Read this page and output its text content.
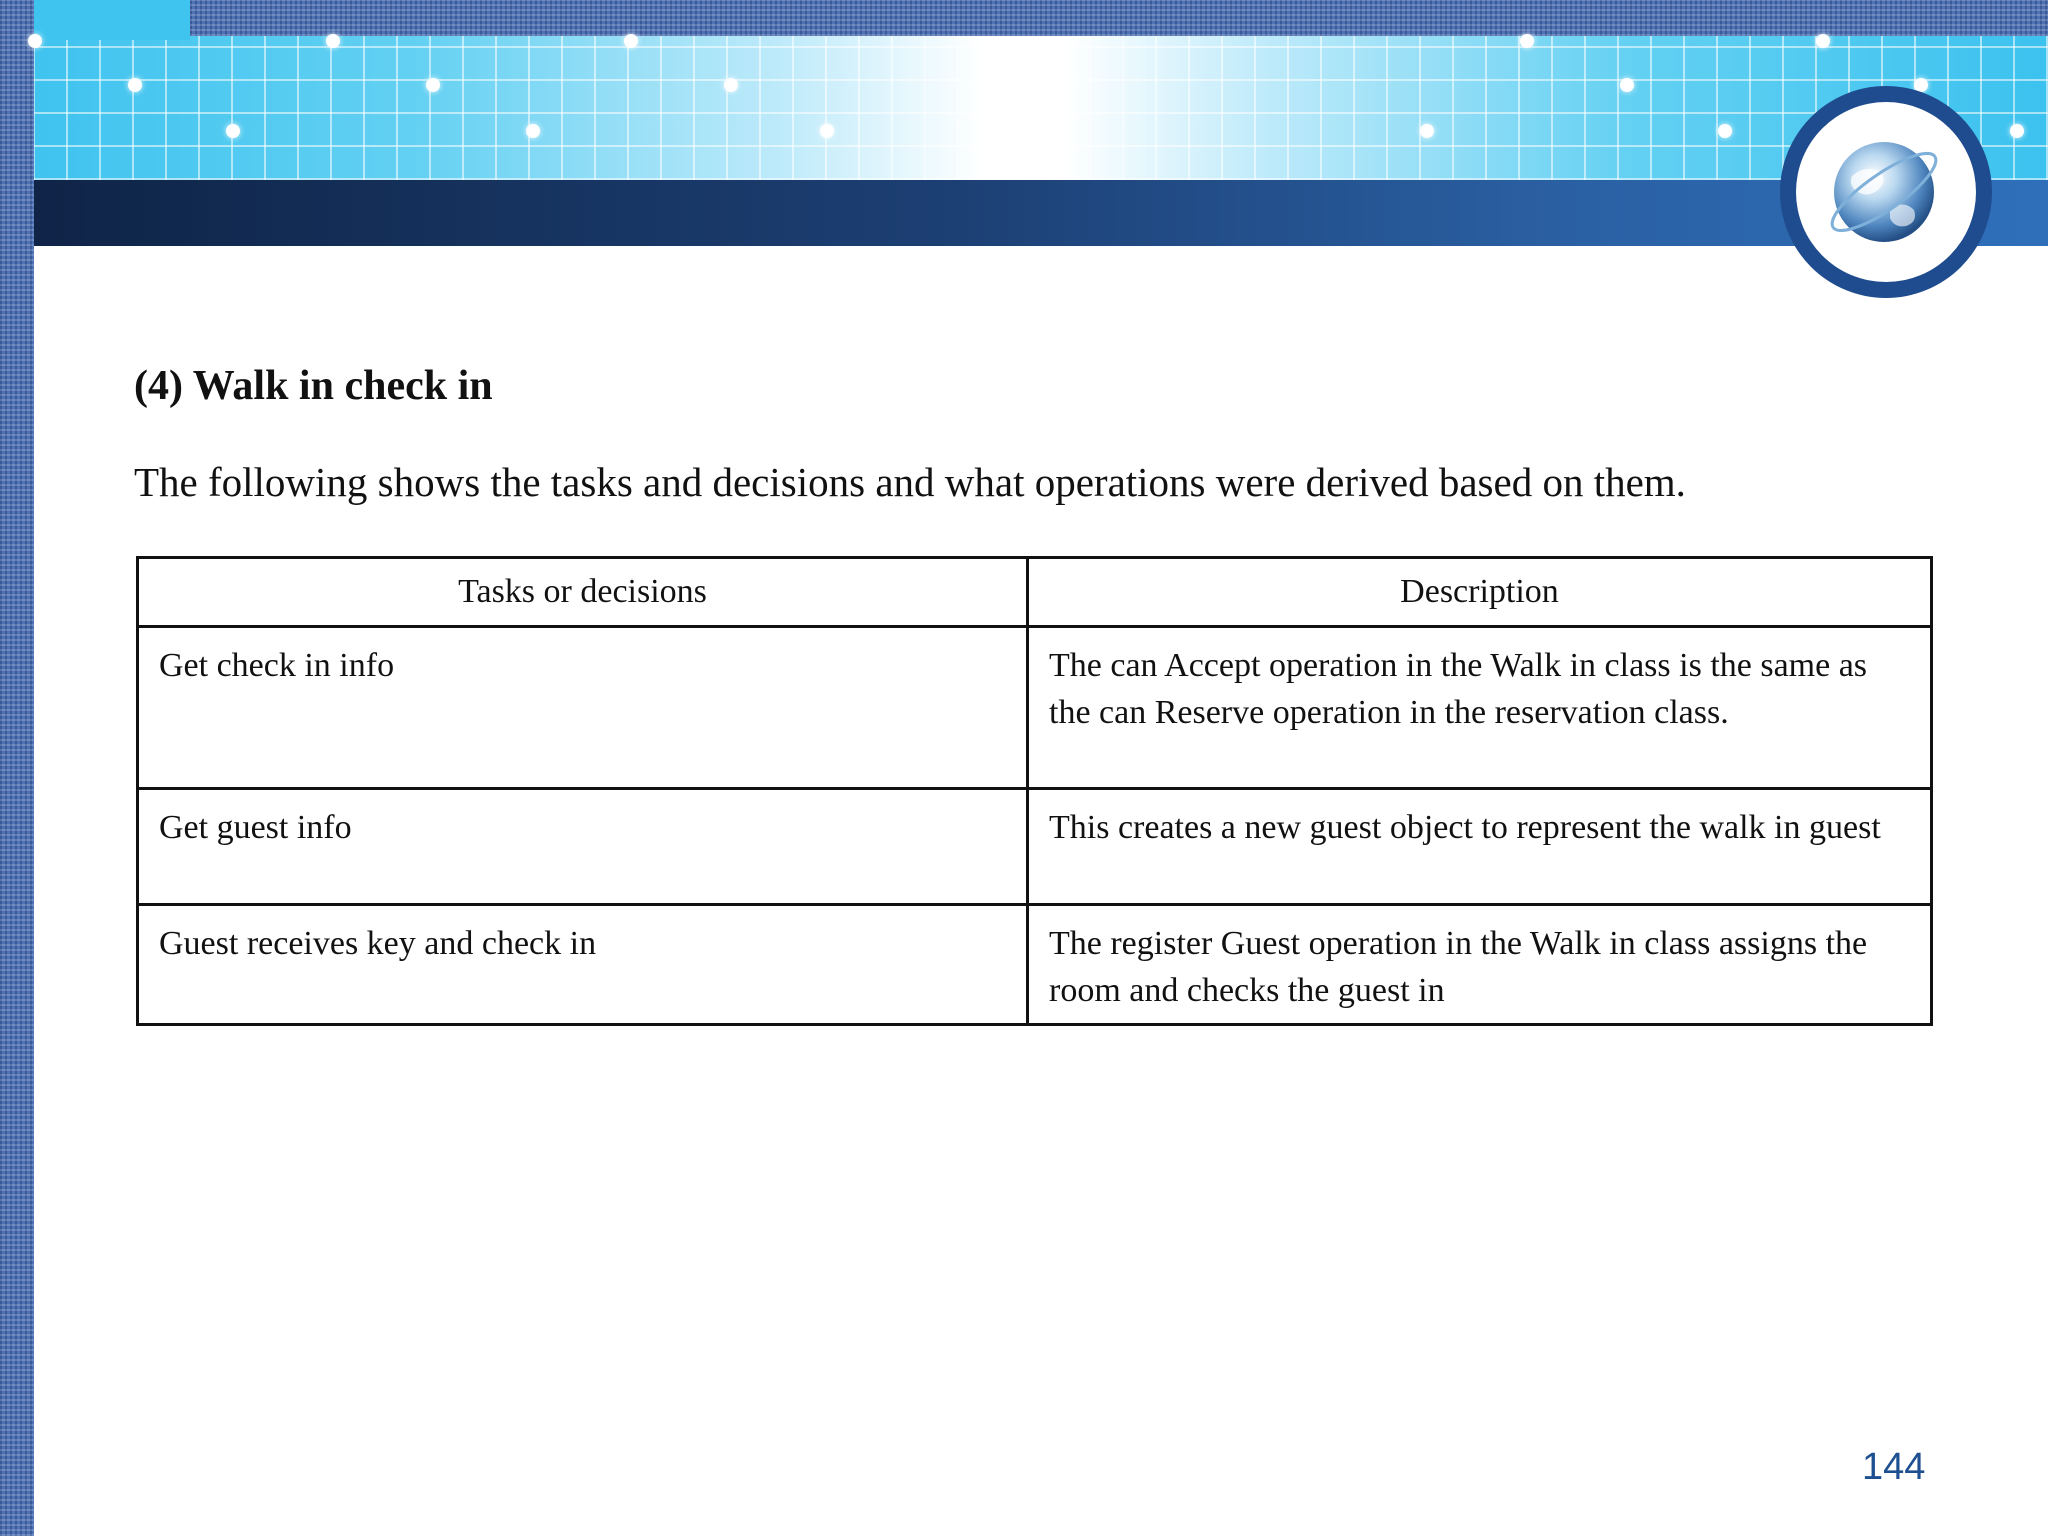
(4) Walk in check in
The following shows the tasks and decisions and what operations were derived based on them.
Tasks or decisions	Description
Get check in info	The can Accept operation in the Walk in class is the same as the can Reserve operation in the reservation class.
Get guest info	This creates a new guest object to represent the walk in guest
Guest receives key and check in	The register Guest operation in the Walk in class assigns the room and checks the guest in
144
